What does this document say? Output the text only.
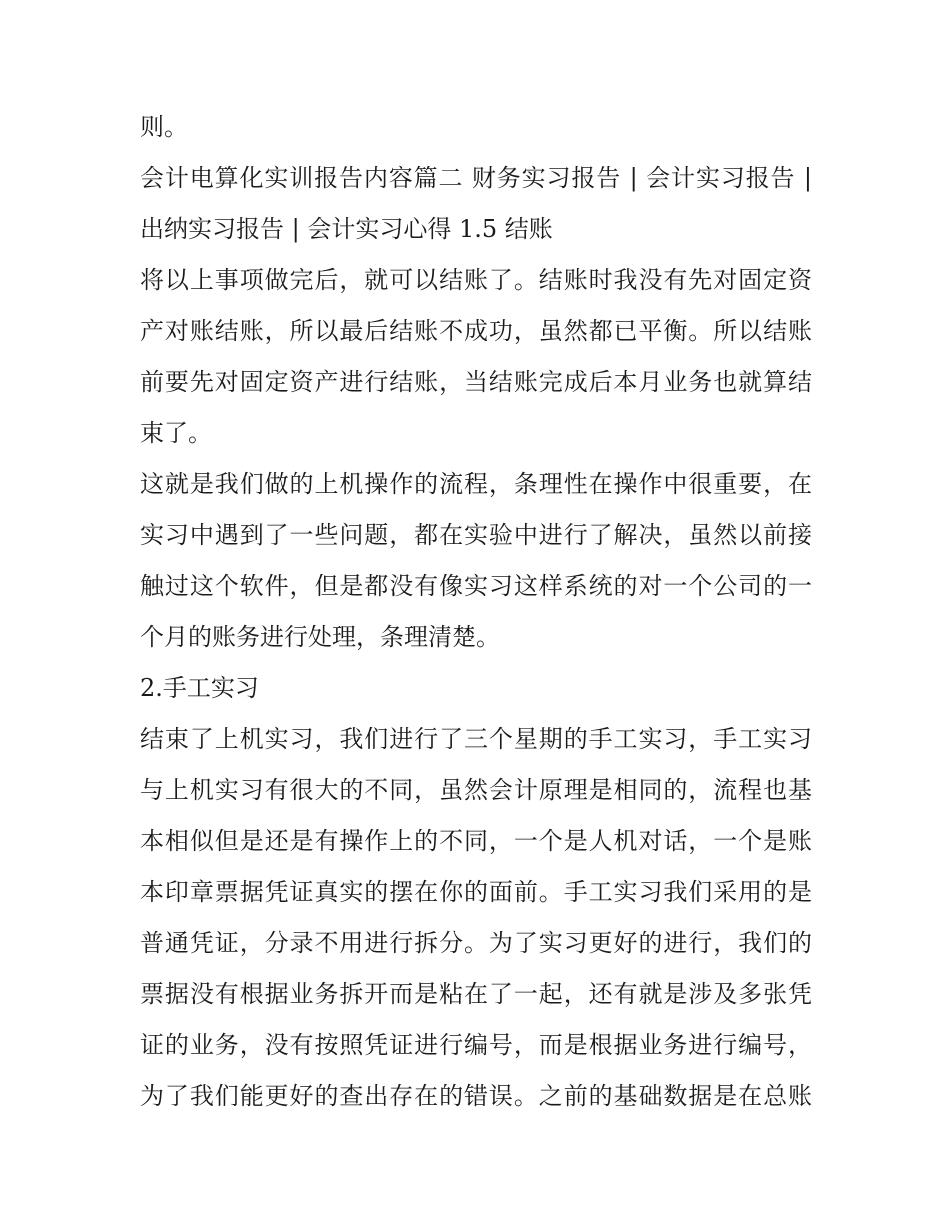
则。

会计电算化实训报告内容篇二 财务实习报告 | 会计实习报告 |
出纳实习报告 | 会计实习心得 1.5 结账

将以上事项做完后，就可以结账了。结账时我没有先对固定资
产对账结账，所以最后结账不成功，虽然都已平衡。所以结账
前要先对固定资产进行结账，当结账完成后本月业务也就算结
束了。

这就是我们做的上机操作的流程，条理性在操作中很重要，在
实习中遇到了一些问题，都在实验中进行了解决，虽然以前接
触过这个软件，但是都没有像实习这样系统的对一个公司的一
个月的账务进行处理，条理清楚。

2.手工实习

结束了上机实习，我们进行了三个星期的手工实习，手工实习
与上机实习有很大的不同，虽然会计原理是相同的，流程也基
本相似但是还是有操作上的不同，一个是人机对话，一个是账
本印章票据凭证真实的摆在你的面前。手工实习我们采用的是
普通凭证，分录不用进行拆分。为了实习更好的进行，我们的
票据没有根据业务拆开而是粘在了一起，还有就是涉及多张凭
证的业务，没有按照凭证进行编号，而是根据业务进行编号，
为了我们能更好的查出存在的错误。之前的基础数据是在总账
